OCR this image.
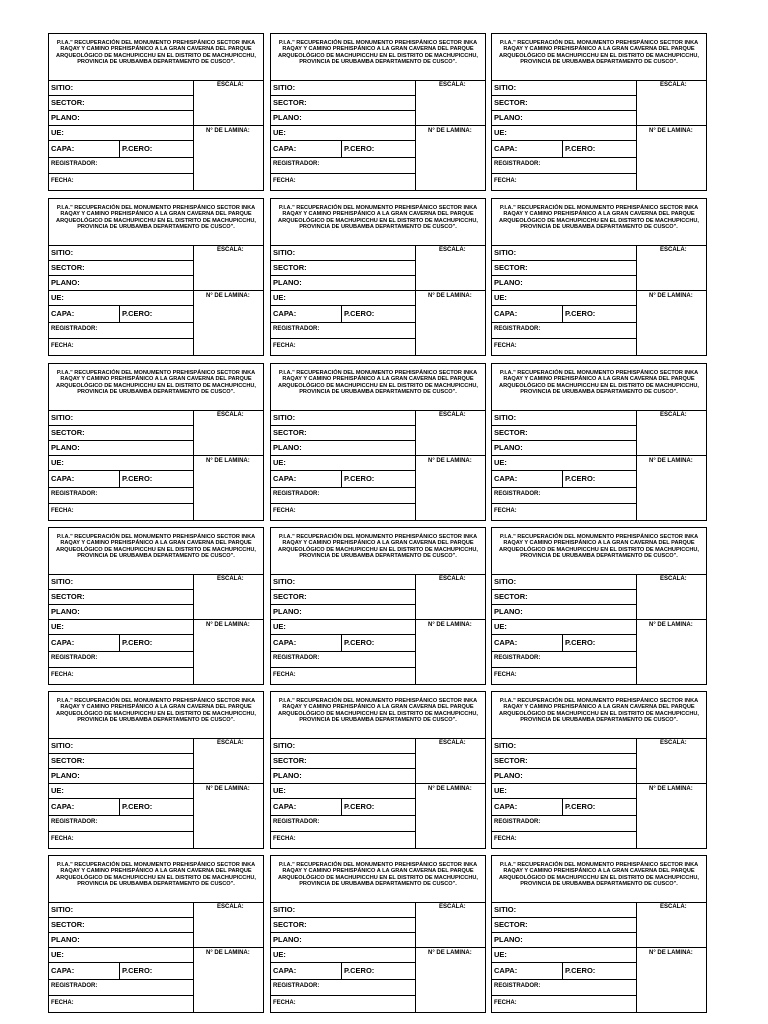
P.I.A." RECUPERACIÓN DEL MONUMENTO PREHISPÁNICO SECTOR INKA RAQAY Y CAMINO PREHISPÁNICO A LA GRAN CAVERNA DEL PARQUE ARQUEOLÓGICO DE MACHUPICCHU EN EL DISTRITO DE MACHUPICCHU, PROVINCIA DE URUBAMBA DEPARTAMENTO DE CUSCO".
SITIO:
SECTOR:
PLANO:
UE:
CAPA:	P.CERO:
REGISTRADOR:
FECHA:
ESCALA:
N° DE LAMINA:
P.I.A." RECUPERACIÓN DEL MONUMENTO PREHISPÁNICO SECTOR INKA RAQAY Y CAMINO PREHISPÁNICO A LA GRAN CAVERNA DEL PARQUE ARQUEOLÓGICO DE MACHUPICCHU EN EL DISTRITO DE MACHUPICCHU, PROVINCIA DE URUBAMBA DEPARTAMENTO DE CUSCO".
SITIO:
SECTOR:
PLANO:
UE:
CAPA:	P.CERO:
REGISTRADOR:
FECHA:
ESCALA:
N° DE LAMINA:
P.I.A." RECUPERACIÓN DEL MONUMENTO PREHISPÁNICO SECTOR INKA RAQAY Y CAMINO PREHISPÁNICO A LA GRAN CAVERNA DEL PARQUE ARQUEOLÓGICO DE MACHUPICCHU EN EL DISTRITO DE MACHUPICCHU, PROVINCIA DE URUBAMBA DEPARTAMENTO DE CUSCO".
SITIO:
SECTOR:
PLANO:
UE:
CAPA:	P.CERO:
REGISTRADOR:
FECHA:
ESCALA:
N° DE LAMINA:
P.I.A." RECUPERACIÓN DEL MONUMENTO PREHISPÁNICO SECTOR INKA RAQAY Y CAMINO PREHISPÁNICO A LA GRAN CAVERNA DEL PARQUE ARQUEOLÓGICO DE MACHUPICCHU EN EL DISTRITO DE MACHUPICCHU, PROVINCIA DE URUBAMBA DEPARTAMENTO DE CUSCO".
SITIO:
SECTOR:
PLANO:
UE:
CAPA:	P.CERO:
REGISTRADOR:
FECHA:
ESCALA:
N° DE LAMINA:
P.I.A." RECUPERACIÓN DEL MONUMENTO PREHISPÁNICO SECTOR INKA RAQAY Y CAMINO PREHISPÁNICO A LA GRAN CAVERNA DEL PARQUE ARQUEOLÓGICO DE MACHUPICCHU EN EL DISTRITO DE MACHUPICCHU, PROVINCIA DE URUBAMBA DEPARTAMENTO DE CUSCO".
SITIO:
SECTOR:
PLANO:
UE:
CAPA:	P.CERO:
REGISTRADOR:
FECHA:
ESCALA:
N° DE LAMINA:
P.I.A." RECUPERACIÓN DEL MONUMENTO PREHISPÁNICO SECTOR INKA RAQAY Y CAMINO PREHISPÁNICO A LA GRAN CAVERNA DEL PARQUE ARQUEOLÓGICO DE MACHUPICCHU EN EL DISTRITO DE MACHUPICCHU, PROVINCIA DE URUBAMBA DEPARTAMENTO DE CUSCO".
SITIO:
SECTOR:
PLANO:
UE:
CAPA:	P.CERO:
REGISTRADOR:
FECHA:
ESCALA:
N° DE LAMINA:
P.I.A." RECUPERACIÓN DEL MONUMENTO PREHISPÁNICO SECTOR INKA RAQAY Y CAMINO PREHISPÁNICO A LA GRAN CAVERNA DEL PARQUE ARQUEOLÓGICO DE MACHUPICCHU EN EL DISTRITO DE MACHUPICCHU, PROVINCIA DE URUBAMBA DEPARTAMENTO DE CUSCO".
SITIO:
SECTOR:
PLANO:
UE:
CAPA:	P.CERO:
REGISTRADOR:
FECHA:
ESCALA:
N° DE LAMINA:
P.I.A." RECUPERACIÓN DEL MONUMENTO PREHISPÁNICO SECTOR INKA RAQAY Y CAMINO PREHISPÁNICO A LA GRAN CAVERNA DEL PARQUE ARQUEOLÓGICO DE MACHUPICCHU EN EL DISTRITO DE MACHUPICCHU, PROVINCIA DE URUBAMBA DEPARTAMENTO DE CUSCO".
SITIO:
SECTOR:
PLANO:
UE:
CAPA:	P.CERO:
REGISTRADOR:
FECHA:
ESCALA:
N° DE LAMINA:
P.I.A." RECUPERACIÓN DEL MONUMENTO PREHISPÁNICO SECTOR INKA RAQAY Y CAMINO PREHISPÁNICO A LA GRAN CAVERNA DEL PARQUE ARQUEOLÓGICO DE MACHUPICCHU EN EL DISTRITO DE MACHUPICCHU, PROVINCIA DE URUBAMBA DEPARTAMENTO DE CUSCO".
SITIO:
SECTOR:
PLANO:
UE:
CAPA:	P.CERO:
REGISTRADOR:
FECHA:
ESCALA:
N° DE LAMINA:
P.I.A." RECUPERACIÓN DEL MONUMENTO PREHISPÁNICO SECTOR INKA RAQAY Y CAMINO PREHISPÁNICO A LA GRAN CAVERNA DEL PARQUE ARQUEOLÓGICO DE MACHUPICCHU EN EL DISTRITO DE MACHUPICCHU, PROVINCIA DE URUBAMBA DEPARTAMENTO DE CUSCO".
SITIO:
SECTOR:
PLANO:
UE:
CAPA:	P.CERO:
REGISTRADOR:
FECHA:
ESCALA:
N° DE LAMINA:
P.I.A." RECUPERACIÓN DEL MONUMENTO PREHISPÁNICO SECTOR INKA RAQAY Y CAMINO PREHISPÁNICO A LA GRAN CAVERNA DEL PARQUE ARQUEOLÓGICO DE MACHUPICCHU EN EL DISTRITO DE MACHUPICCHU, PROVINCIA DE URUBAMBA DEPARTAMENTO DE CUSCO".
SITIO:
SECTOR:
PLANO:
UE:
CAPA:	P.CERO:
REGISTRADOR:
FECHA:
ESCALA:
N° DE LAMINA:
P.I.A." RECUPERACIÓN DEL MONUMENTO PREHISPÁNICO SECTOR INKA RAQAY Y CAMINO PREHISPÁNICO A LA GRAN CAVERNA DEL PARQUE ARQUEOLÓGICO DE MACHUPICCHU EN EL DISTRITO DE MACHUPICCHU, PROVINCIA DE URUBAMBA DEPARTAMENTO DE CUSCO".
SITIO:
SECTOR:
PLANO:
UE:
CAPA:	P.CERO:
REGISTRADOR:
FECHA:
ESCALA:
N° DE LAMINA:
P.I.A." RECUPERACIÓN DEL MONUMENTO PREHISPÁNICO SECTOR INKA RAQAY Y CAMINO PREHISPÁNICO A LA GRAN CAVERNA DEL PARQUE ARQUEOLÓGICO DE MACHUPICCHU EN EL DISTRITO DE MACHUPICCHU, PROVINCIA DE URUBAMBA DEPARTAMENTO DE CUSCO".
SITIO:
SECTOR:
PLANO:
UE:
CAPA:	P.CERO:
REGISTRADOR:
FECHA:
ESCALA:
N° DE LAMINA:
P.I.A." RECUPERACIÓN DEL MONUMENTO PREHISPÁNICO SECTOR INKA RAQAY Y CAMINO PREHISPÁNICO A LA GRAN CAVERNA DEL PARQUE ARQUEOLÓGICO DE MACHUPICCHU EN EL DISTRITO DE MACHUPICCHU, PROVINCIA DE URUBAMBA DEPARTAMENTO DE CUSCO".
SITIO:
SECTOR:
PLANO:
UE:
CAPA:	P.CERO:
REGISTRADOR:
FECHA:
ESCALA:
N° DE LAMINA:
P.I.A." RECUPERACIÓN DEL MONUMENTO PREHISPÁNICO SECTOR INKA RAQAY Y CAMINO PREHISPÁNICO A LA GRAN CAVERNA DEL PARQUE ARQUEOLÓGICO DE MACHUPICCHU EN EL DISTRITO DE MACHUPICCHU, PROVINCIA DE URUBAMBA DEPARTAMENTO DE CUSCO".
SITIO:
SECTOR:
PLANO:
UE:
CAPA:	P.CERO:
REGISTRADOR:
FECHA:
ESCALA:
N° DE LAMINA:
P.I.A." RECUPERACIÓN DEL MONUMENTO PREHISPÁNICO SECTOR INKA RAQAY Y CAMINO PREHISPÁNICO A LA GRAN CAVERNA DEL PARQUE ARQUEOLÓGICO DE MACHUPICCHU EN EL DISTRITO DE MACHUPICCHU, PROVINCIA DE URUBAMBA DEPARTAMENTO DE CUSCO".
SITIO:
SECTOR:
PLANO:
UE:
CAPA:	P.CERO:
REGISTRADOR:
FECHA:
ESCALA:
N° DE LAMINA:
P.I.A." RECUPERACIÓN DEL MONUMENTO PREHISPÁNICO SECTOR INKA RAQAY Y CAMINO PREHISPÁNICO A LA GRAN CAVERNA DEL PARQUE ARQUEOLÓGICO DE MACHUPICCHU EN EL DISTRITO DE MACHUPICCHU, PROVINCIA DE URUBAMBA DEPARTAMENTO DE CUSCO".
SITIO:
SECTOR:
PLANO:
UE:
CAPA:	P.CERO:
REGISTRADOR:
FECHA:
ESCALA:
N° DE LAMINA:
P.I.A." RECUPERACIÓN DEL MONUMENTO PREHISPÁNICO SECTOR INKA RAQAY Y CAMINO PREHISPÁNICO A LA GRAN CAVERNA DEL PARQUE ARQUEOLÓGICO DE MACHUPICCHU EN EL DISTRITO DE MACHUPICCHU, PROVINCIA DE URUBAMBA DEPARTAMENTO DE CUSCO".
SITIO:
SECTOR:
PLANO:
UE:
CAPA:	P.CERO:
REGISTRADOR:
FECHA:
ESCALA:
N° DE LAMINA:
